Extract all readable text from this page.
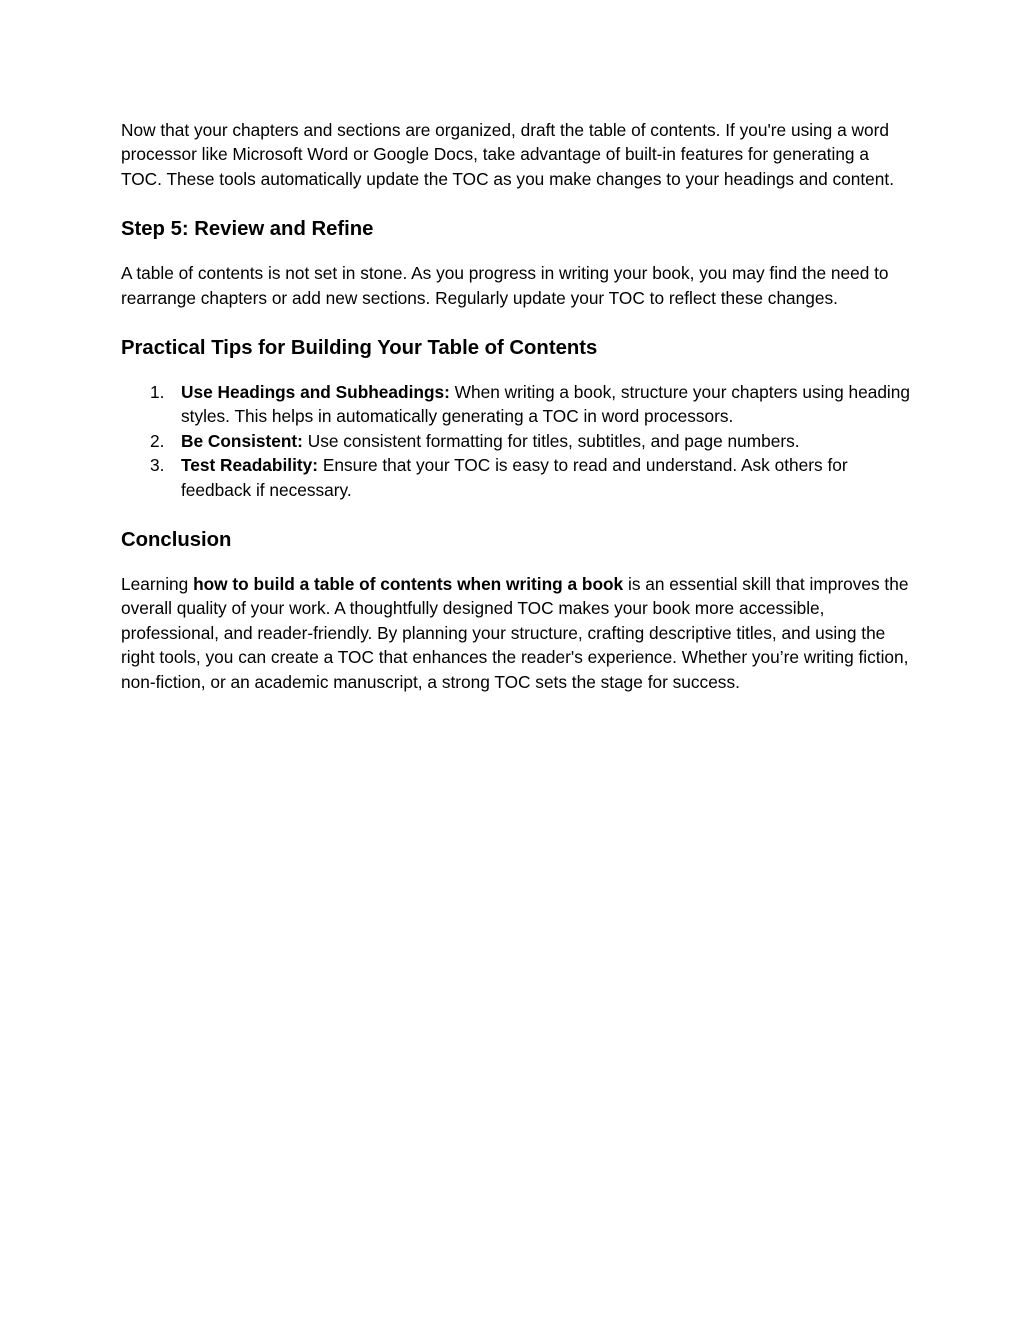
Now that your chapters and sections are organized, draft the table of contents. If you're using a word processor like Microsoft Word or Google Docs, take advantage of built-in features for generating a TOC. These tools automatically update the TOC as you make changes to your headings and content.

Step 5: Review and Refine

A table of contents is not set in stone. As you progress in writing your book, you may find the need to rearrange chapters or add new sections. Regularly update your TOC to reflect these changes.

Practical Tips for Building Your Table of Contents
1. Use Headings and Subheadings: When writing a book, structure your chapters using heading styles. This helps in automatically generating a TOC in word processors.
2. Be Consistent: Use consistent formatting for titles, subtitles, and page numbers.
3. Test Readability: Ensure that your TOC is easy to read and understand. Ask others for feedback if necessary.
Conclusion

Learning how to build a table of contents when writing a book is an essential skill that improves the overall quality of your work. A thoughtfully designed TOC makes your book more accessible, professional, and reader-friendly. By planning your structure, crafting descriptive titles, and using the right tools, you can create a TOC that enhances the reader's experience. Whether you’re writing fiction, non-fiction, or an academic manuscript, a strong TOC sets the stage for success.
